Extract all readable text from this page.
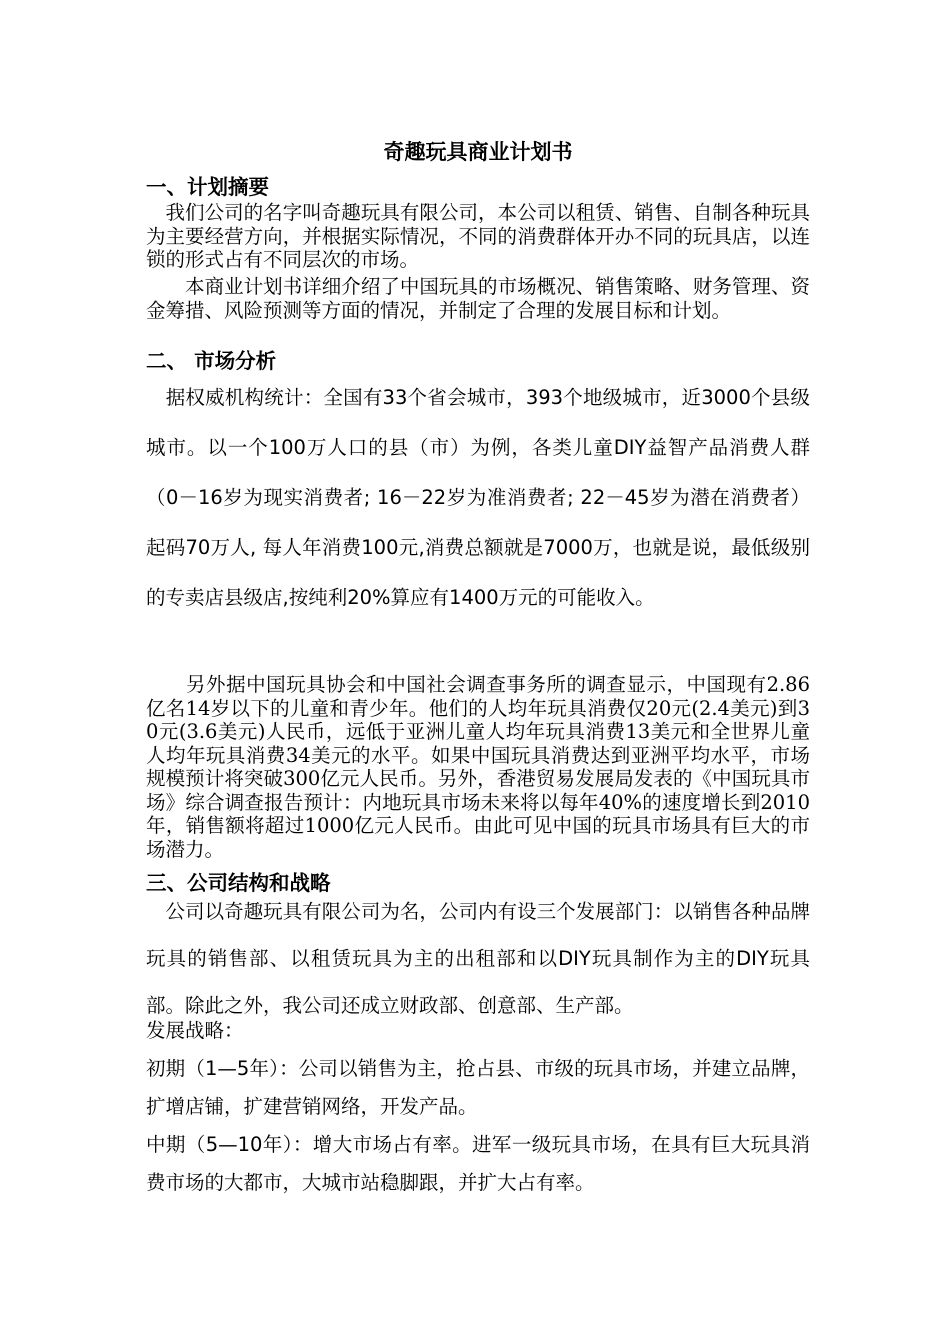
奇趣玩具商业计划书
一、计划摘要
　我们公司的名字叫奇趣玩具有限公司，本公司以租赁、销售、自制各种玩具为主要经营方向，并根据实际情况，不同的消费群体开办不同的玩具店，以连锁的形式占有不同层次的市场。
　　本商业计划书详细介绍了中国玩具的市场概况、销售策略、财务管理、资金筹措、风险预测等方面的情况，并制定了合理的发展目标和计划。
二、 市场分析
　据权威机构统计：全国有33个省会城市，393个地级城市，近3000个县级城市。以一个100万人口的县（市）为例，各类儿童DIY益智产品消费人群（0－16岁为现实消费者; 16－22岁为准消费者; 22－45岁为潜在消费者）起码70万人, 每人年消费100元,消费总额就是7000万，也就是说，最低级别的专卖店县级店,按纯利20%算应有1400万元的可能收入。
　　另外据中国玩具协会和中国社会调查事务所的调查显示，中国现有2.86亿名14岁以下的儿童和青少年。他们的人均年玩具消费仅20元(2.4美元)到30元(3.6美元)人民币，远低于亚洲儿童人均年玩具消费13美元和全世界儿童人均年玩具消费34美元的水平。如果中国玩具消费达到亚洲平均水平，市场规模预计将突破300亿元人民币。另外，香港贸易发展局发表的《中国玩具市场》综合调查报告预计：内地玩具市场未来将以每年40%的速度增长到2010年，销售额将超过1000亿元人民币。由此可见中国的玩具市场具有巨大的市场潜力。
三、公司结构和战略
　公司以奇趣玩具有限公司为名，公司内有设三个发展部门：以销售各种品牌玩具的销售部、以租赁玩具为主的出租部和以DIY玩具制作为主的DIY玩具部。除此之外，我公司还成立财政部、创意部、生产部。
发展战略：
初期（1—5年）：公司以销售为主，抢占县、市级的玩具市场，并建立品牌，扩增店铺，扩建营销网络，开发产品。
中期（5—10年）：增大市场占有率。进军一级玩具市场，在具有巨大玩具消费市场的大都市，大城市站稳脚跟，并扩大占有率。
